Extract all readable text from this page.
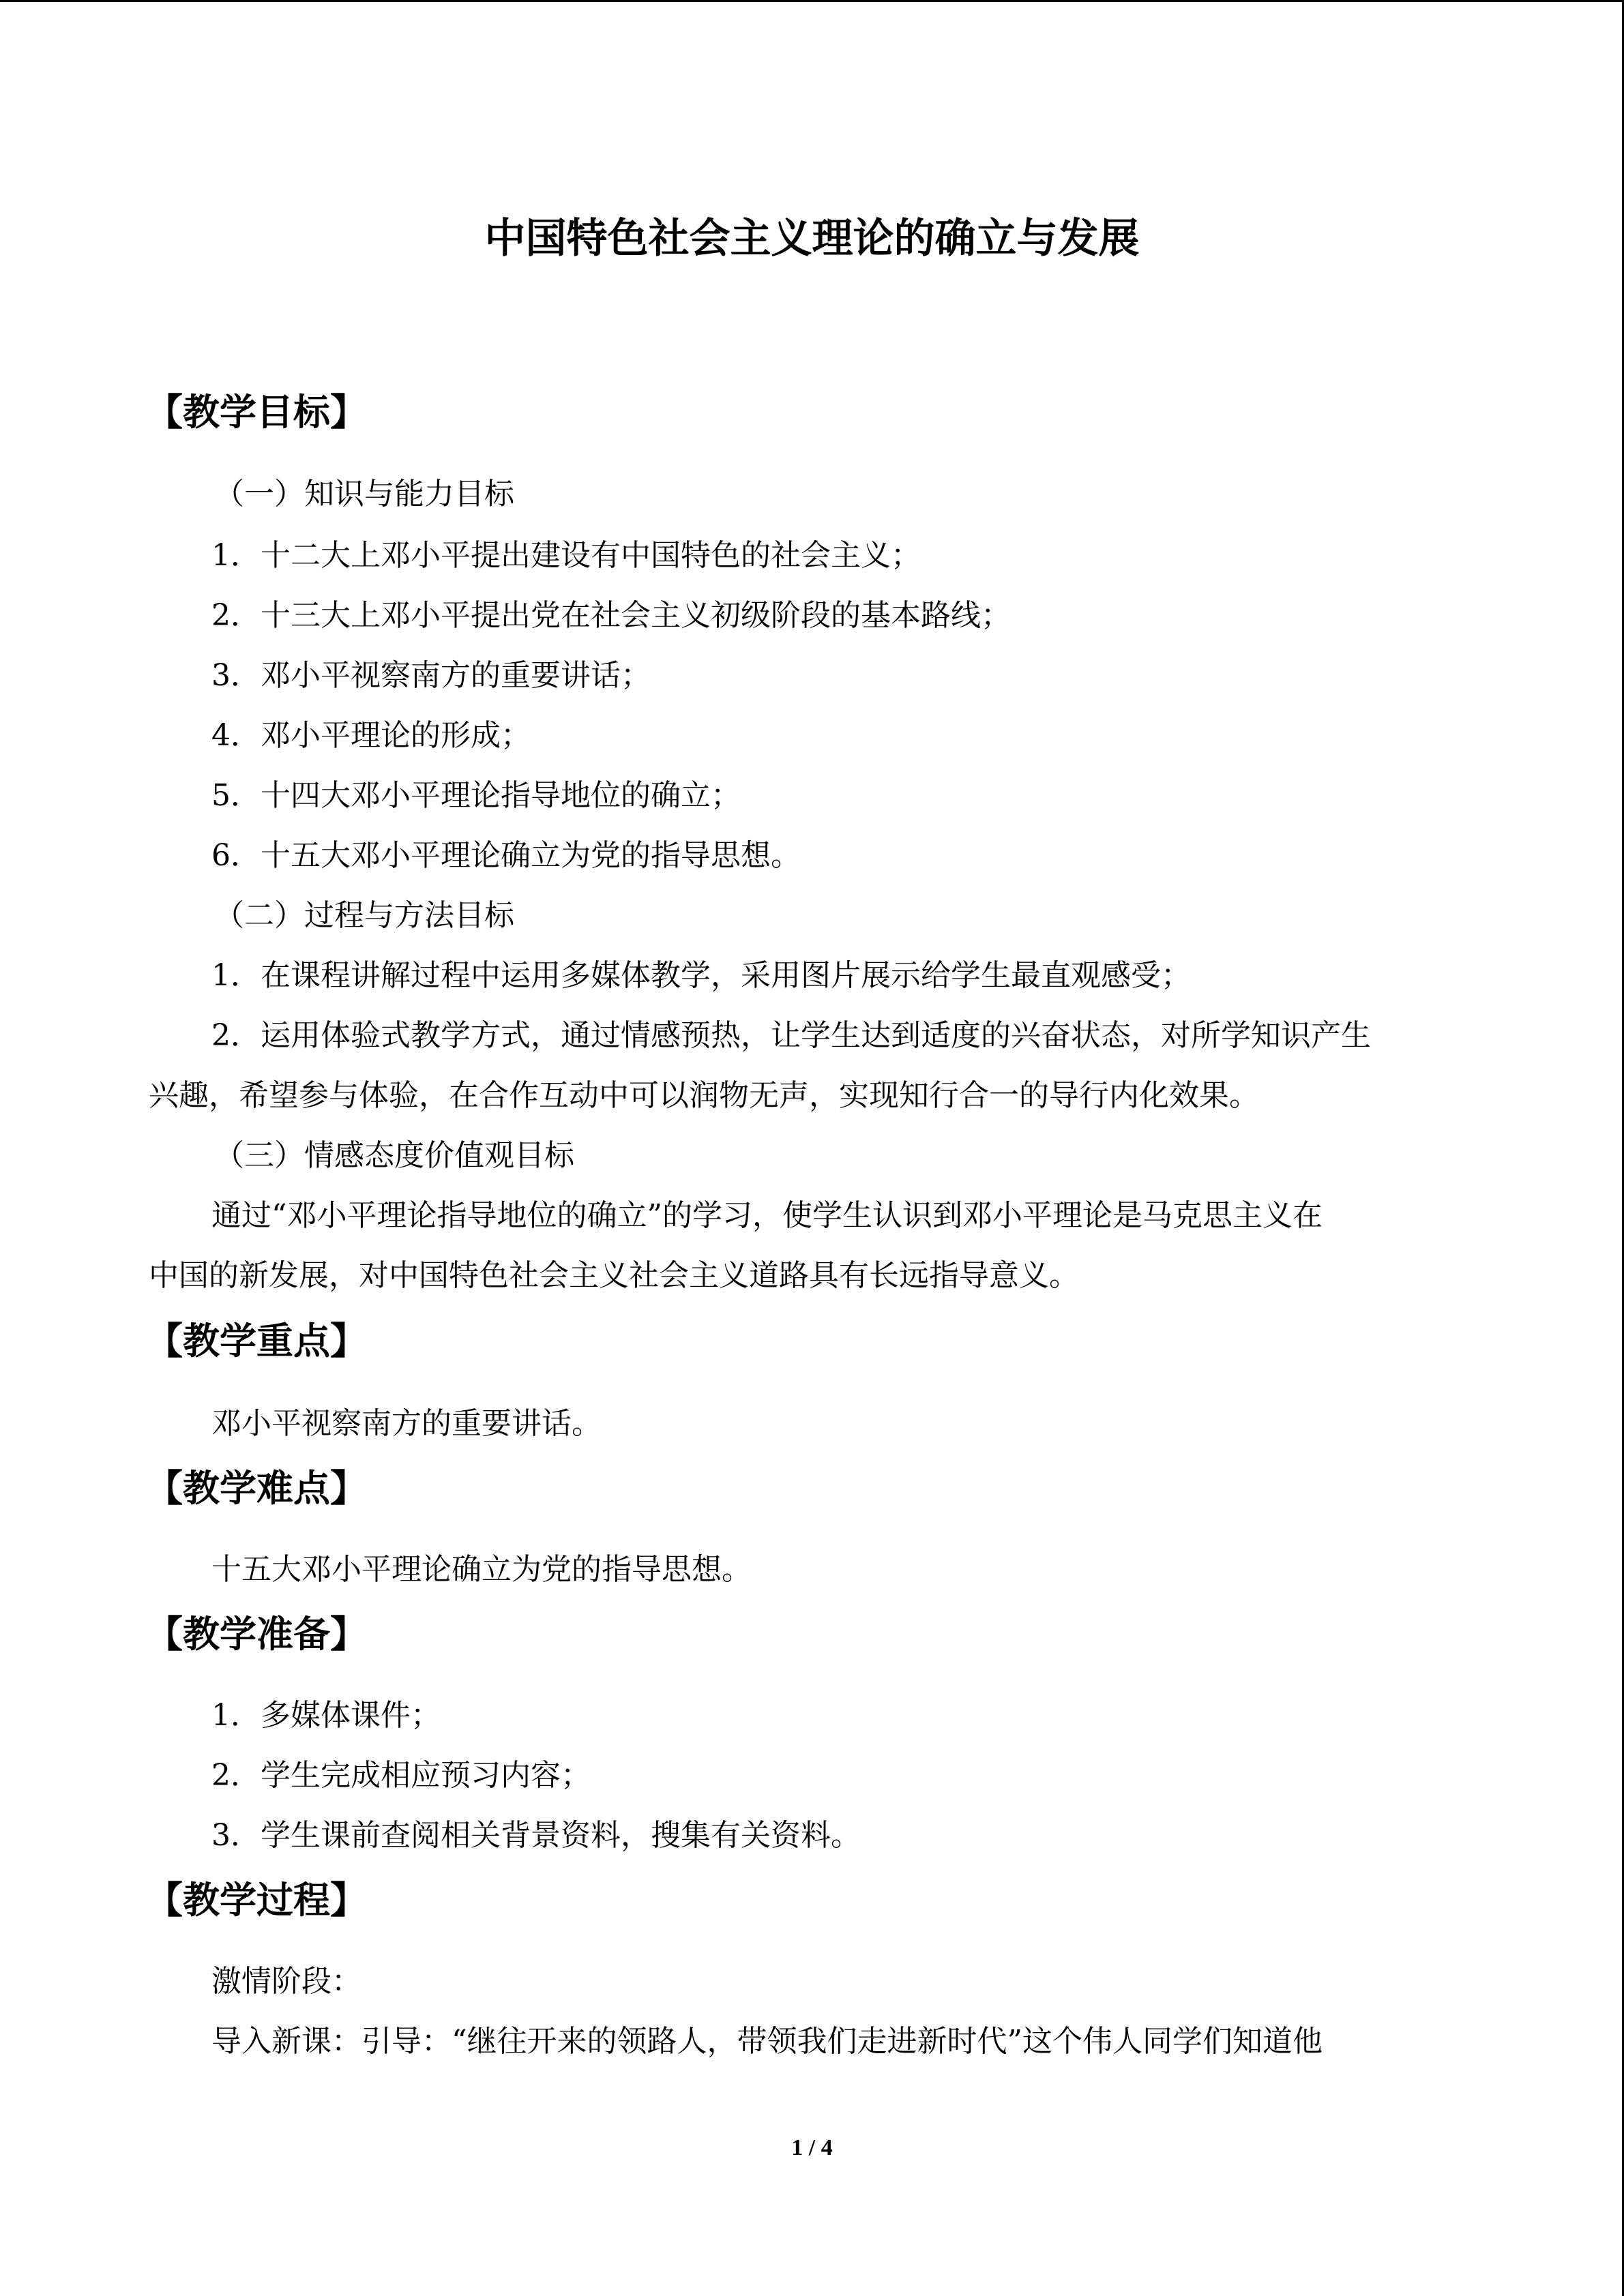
中国特色社会主义理论的确立与发展
【教学目标】
（一）知识与能力目标
1．十二大上邓小平提出建设有中国特色的社会主义；
2．十三大上邓小平提出党在社会主义初级阶段的基本路线；
3．邓小平视察南方的重要讲话；
4．邓小平理论的形成；
5．十四大邓小平理论指导地位的确立；
6．十五大邓小平理论确立为党的指导思想。
（二）过程与方法目标
1．在课程讲解过程中运用多媒体教学，采用图片展示给学生最直观感受；
2．运用体验式教学方式，通过情感预热，让学生达到适度的兴奋状态，对所学知识产生
兴趣，希望参与体验，在合作互动中可以润物无声，实现知行合一的导行内化效果。
（三）情感态度价值观目标
通过“邓小平理论指导地位的确立”的学习，使学生认识到邓小平理论是马克思主义在
中国的新发展，对中国特色社会主义社会主义道路具有长远指导意义。
【教学重点】
邓小平视察南方的重要讲话。
【教学难点】
十五大邓小平理论确立为党的指导思想。
【教学准备】
1．多媒体课件；
2．学生完成相应预习内容；
3．学生课前查阅相关背景资料，搜集有关资料。
【教学过程】
激情阶段：
导入新课：引导：“继往开来的领路人，带领我们走进新时代”这个伟人同学们知道他
1 / 4
